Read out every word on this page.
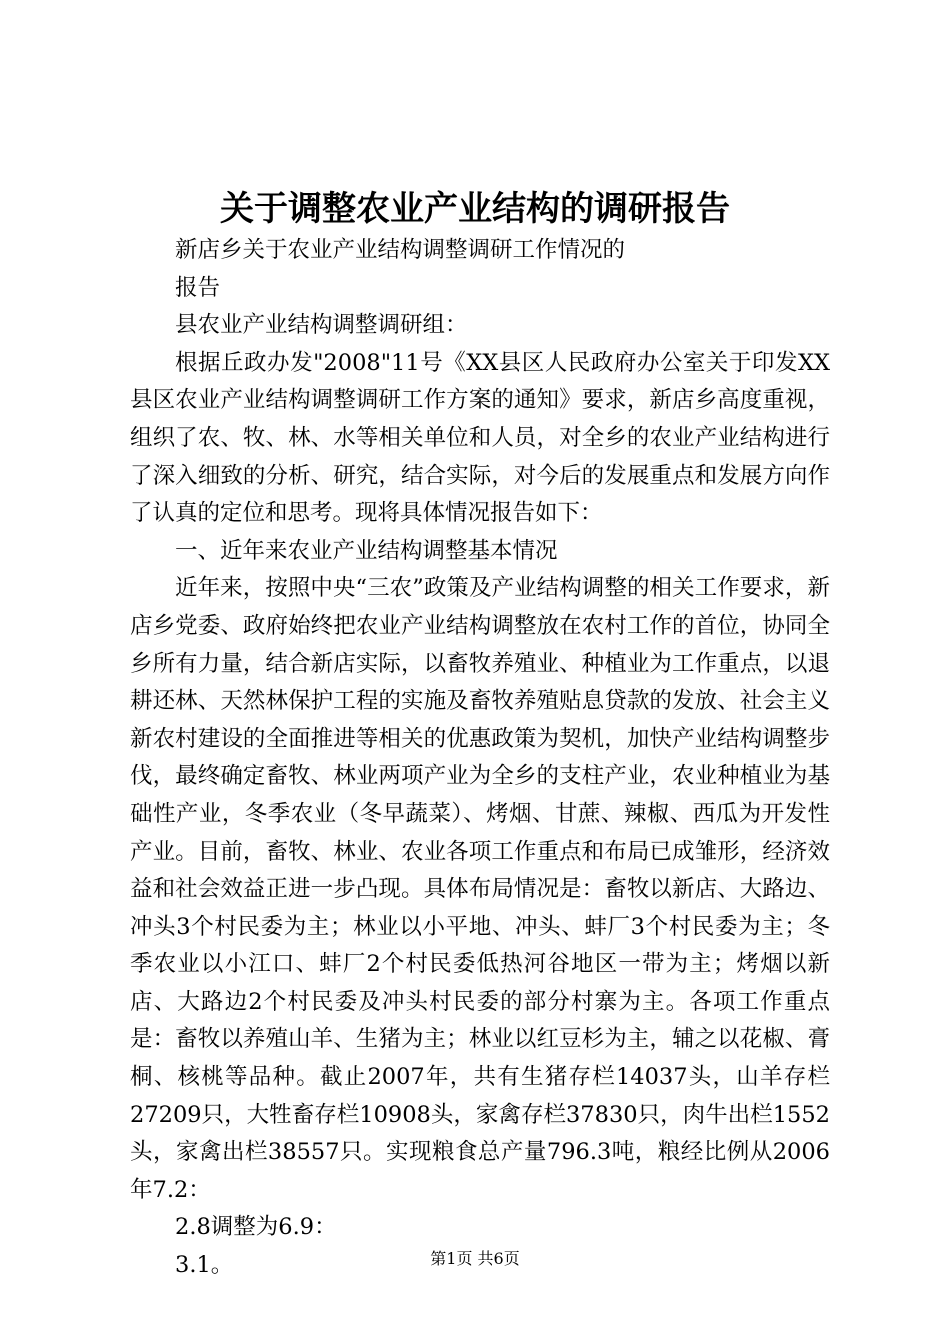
关于调整农业产业结构的调研报告

新店乡关于农业产业结构调整调研工作情况的

报告

县农业产业结构调整调研组：

根据丘政办发"2008"11号《XX县区人民政府办公室关于印发XX县区农业产业结构调整调研工作方案的通知》要求，新店乡高度重视，组织了农、牧、林、水等相关单位和人员，对全乡的农业产业结构进行了深入细致的分析、研究，结合实际，对今后的发展重点和发展方向作了认真的定位和思考。现将具体情况报告如下：

一、近年来农业产业结构调整基本情况

近年来，按照中央“三农”政策及产业结构调整的相关工作要求，新店乡党委、政府始终把农业产业结构调整放在农村工作的首位，协同全乡所有力量，结合新店实际，以畜牧养殖业、种植业为工作重点，以退耕还林、天然林保护工程的实施及畜牧养殖贴息贷款的发放、社会主义新农村建设的全面推进等相关的优惠政策为契机，加快产业结构调整步伐，最终确定畜牧、林业两项产业为全乡的支柱产业，农业种植业为基础性产业，冬季农业（冬早蔬菜）、烤烟、甘蔗、辣椒、西瓜为开发性产业。目前，畜牧、林业、农业各项工作重点和布局已成雏形，经济效益和社会效益正进一步凸现。具体布局情况是：畜牧以新店、大路边、冲头3个村民委为主；林业以小平地、冲头、蚌厂3个村民委为主；冬季农业以小江口、蚌厂2个村民委低热河谷地区一带为主；烤烟以新店、大路边2个村民委及冲头村民委的部分村寨为主。各项工作重点是：畜牧以养殖山羊、生猪为主；林业以红豆杉为主，辅之以花椒、膏桐、核桃等品种。截止2007年，共有生猪存栏14037头，山羊存栏27209只，大牲畜存栏10908头，家禽存栏37830只，肉牛出栏1552头，家禽出栏38557只。实现粮食总产量796.3吨，粮经比例从2006年7.2：

2.8调整为6.9：

3.1。	第1页 共6页
